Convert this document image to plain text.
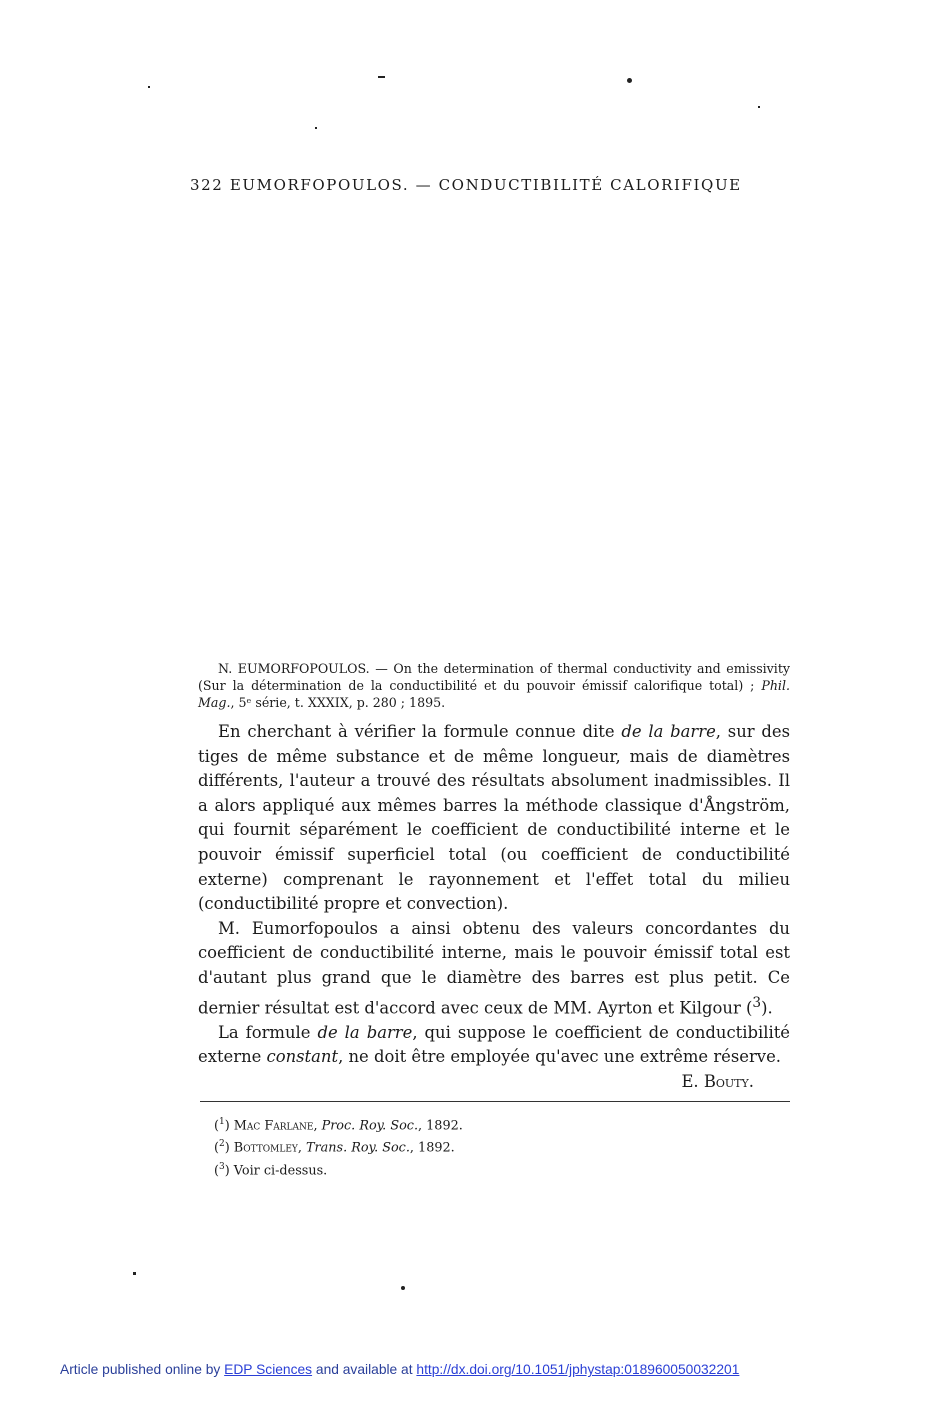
322 EUMORFOPOULOS. — CONDUCTIBILITÉ CALORIFIQUE
N. EUMORFOPOULOS. — On the determination of thermal conductivity and emissivity (Sur la détermination de la conductibilité et du pouvoir émissif calorifique total) ; Phil. Mag., 5ᵉ série, t. XXXIX, p. 280 ; 1895.

En cherchant à vérifier la formule connue dite de la barre, sur des tiges de même substance et de même longueur, mais de diamètres différents, l'auteur a trouvé des résultats absolument inadmissibles. Il a alors appliqué aux mêmes barres la méthode classique d'Ångström, qui fournit séparément le coefficient de conductibilité interne et le pouvoir émissif superficiel total (ou coefficient de conductibilité externe) comprenant le rayonnement et l'effet total du milieu (conductibilité propre et convection).

M. Eumorfopoulos a ainsi obtenu des valeurs concordantes du coefficient de conductibilité interne, mais le pouvoir émissif total est d'autant plus grand que le diamètre des barres est plus petit. Ce dernier résultat est d'accord avec ceux de MM. Ayrton et Kilgour ($^3$).

La formule de la barre, qui suppose le coefficient de conductibilité externe constant, ne doit être employée qu'avec une extrême réserve.

E. Bouty.
($^1$) Mac Farlane, Proc. Roy. Soc., 1892.
($^2$) Bottomley, Trans. Roy. Soc., 1892.
($^3$) Voir ci-dessus.
Article published online by EDP Sciences and available at http://dx.doi.org/10.1051/jphystap:018960050032201
